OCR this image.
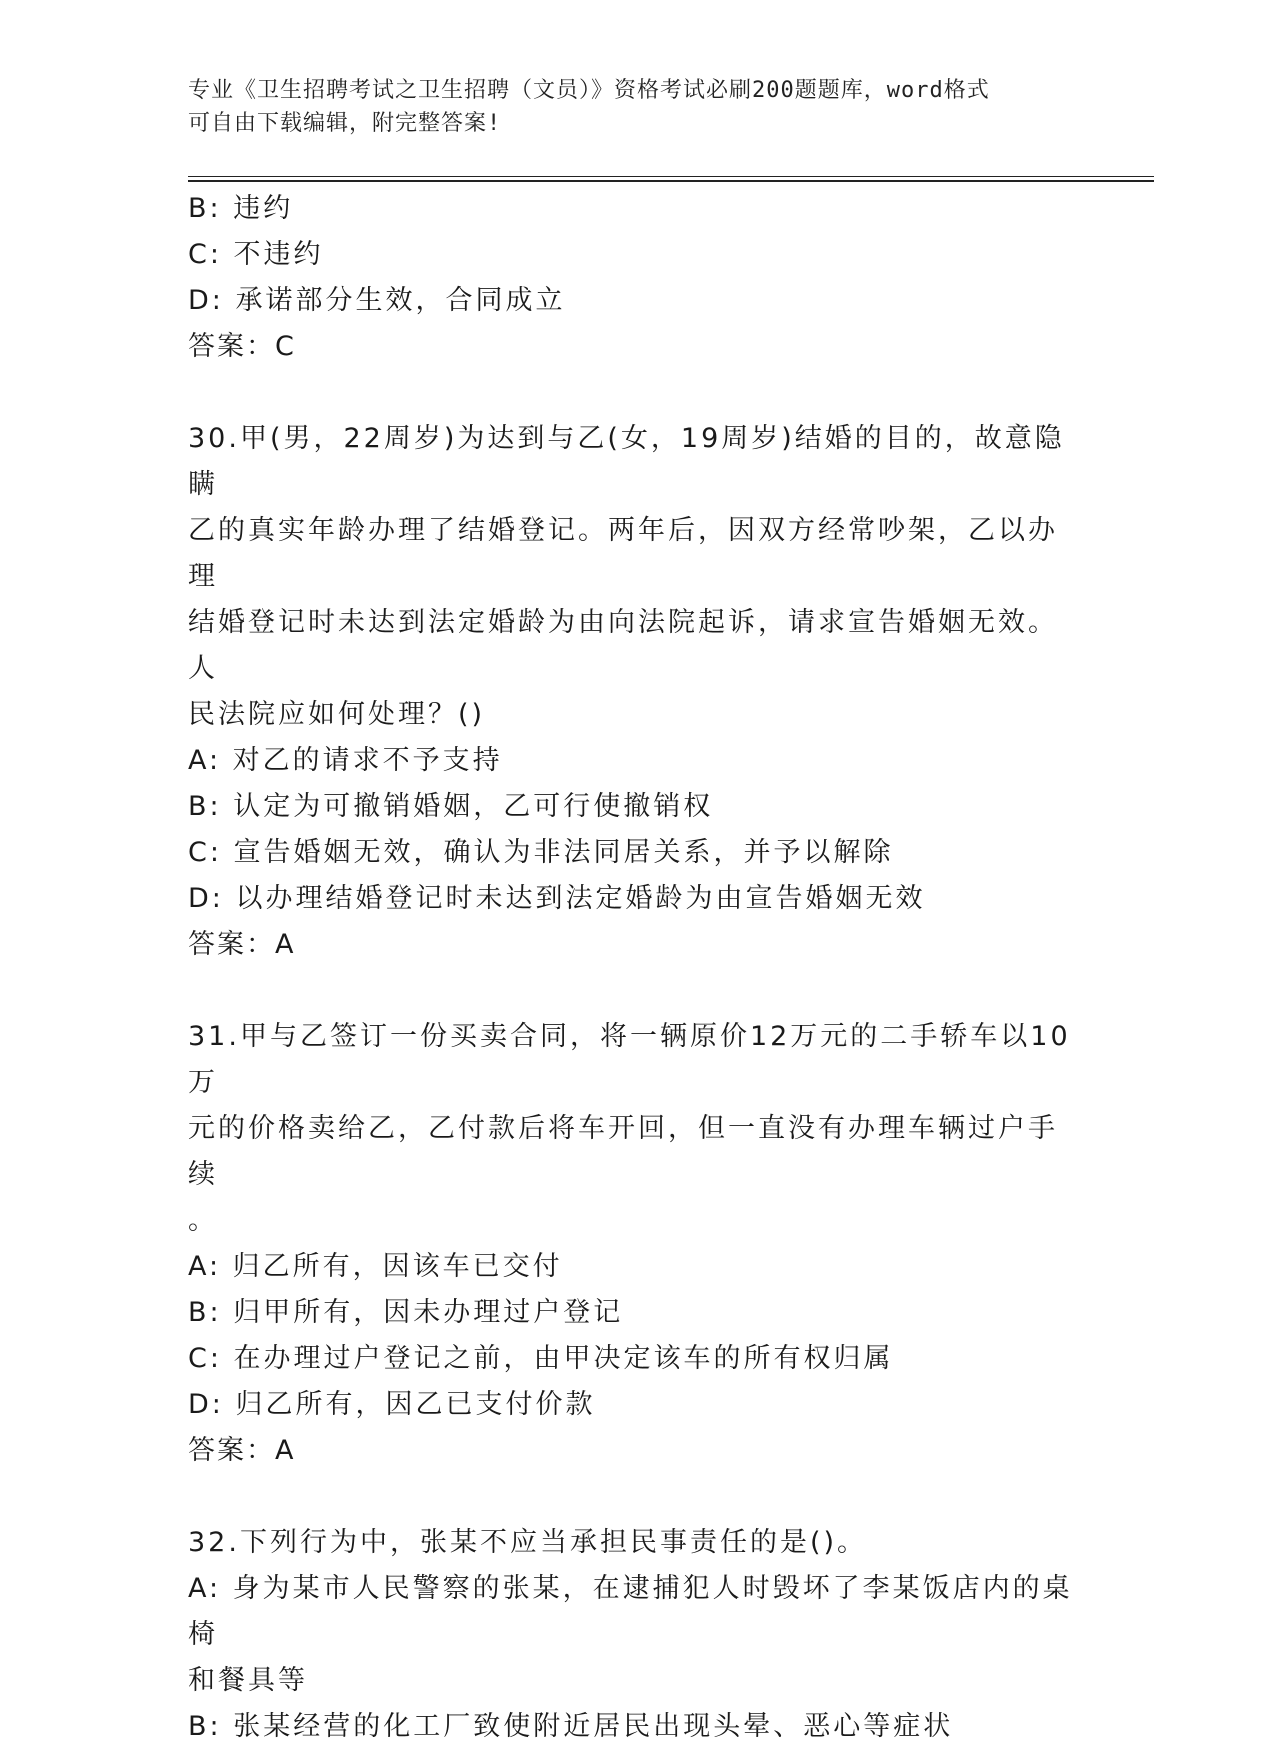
专业《卫生招聘考试之卫生招聘（文员）》资格考试必刷200题题库，word格式
可自由下载编辑，附完整答案!
B: 违约
C: 不违约
D: 承诺部分生效，合同成立
答案：C
30.甲(男，22周岁)为达到与乙(女，19周岁)结婚的目的，故意隐瞒
乙的真实年龄办理了结婚登记。两年后，因双方经常吵架，乙以办理
结婚登记时未达到法定婚龄为由向法院起诉，请求宣告婚姻无效。人
民法院应如何处理？()
A: 对乙的请求不予支持
B: 认定为可撤销婚姻，乙可行使撤销权
C: 宣告婚姻无效，确认为非法同居关系，并予以解除
D: 以办理结婚登记时未达到法定婚龄为由宣告婚姻无效
答案：A
31.甲与乙签订一份买卖合同，将一辆原价12万元的二手轿车以10万
元的价格卖给乙，乙付款后将车开回，但一直没有办理车辆过户手续
。
A: 归乙所有，因该车已交付
B: 归甲所有，因未办理过户登记
C: 在办理过户登记之前，由甲决定该车的所有权归属
D: 归乙所有，因乙已支付价款
答案：A
32.下列行为中，张某不应当承担民事责任的是()。
A: 身为某市人民警察的张某，在逮捕犯人时毁坏了李某饭店内的桌椅
和餐具等
B: 张某经营的化工厂致使附近居民出现头晕、恶心等症状
